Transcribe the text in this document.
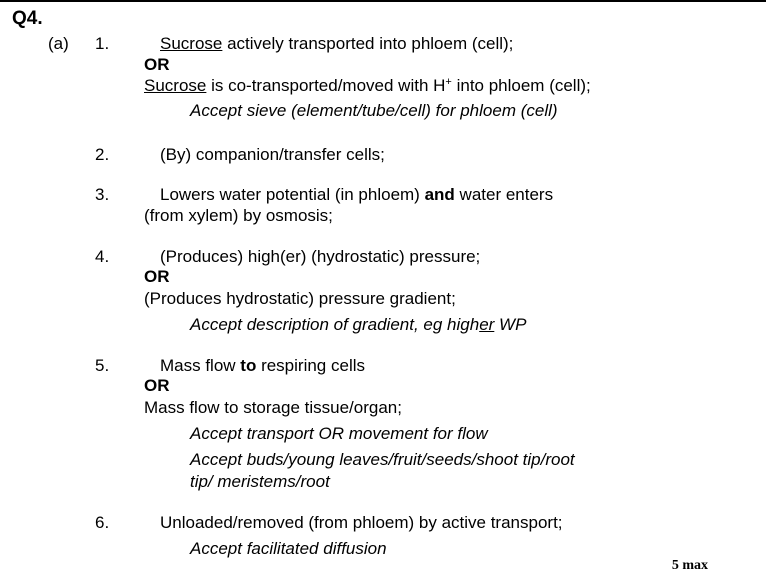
Q4.
(a) 1.	Sucrose actively transported into phloem (cell);
OR
Sucrose is co-transported/moved with H+ into phloem (cell);
Accept sieve (element/tube/cell) for phloem (cell)
2.	(By) companion/transfer cells;
3.	Lowers water potential (in phloem) and water enters
(from xylem) by osmosis;
4.	(Produces) high(er) (hydrostatic) pressure;
OR
(Produces hydrostatic) pressure gradient;
Accept description of gradient, eg higher WP
5.	Mass flow to respiring cells
OR
Mass flow to storage tissue/organ;
Accept transport OR movement for flow
Accept buds/young leaves/fruit/seeds/shoot tip/root
tip/ meristems/root
6.	Unloaded/removed (from phloem) by active transport;
Accept facilitated diffusion
5 max
